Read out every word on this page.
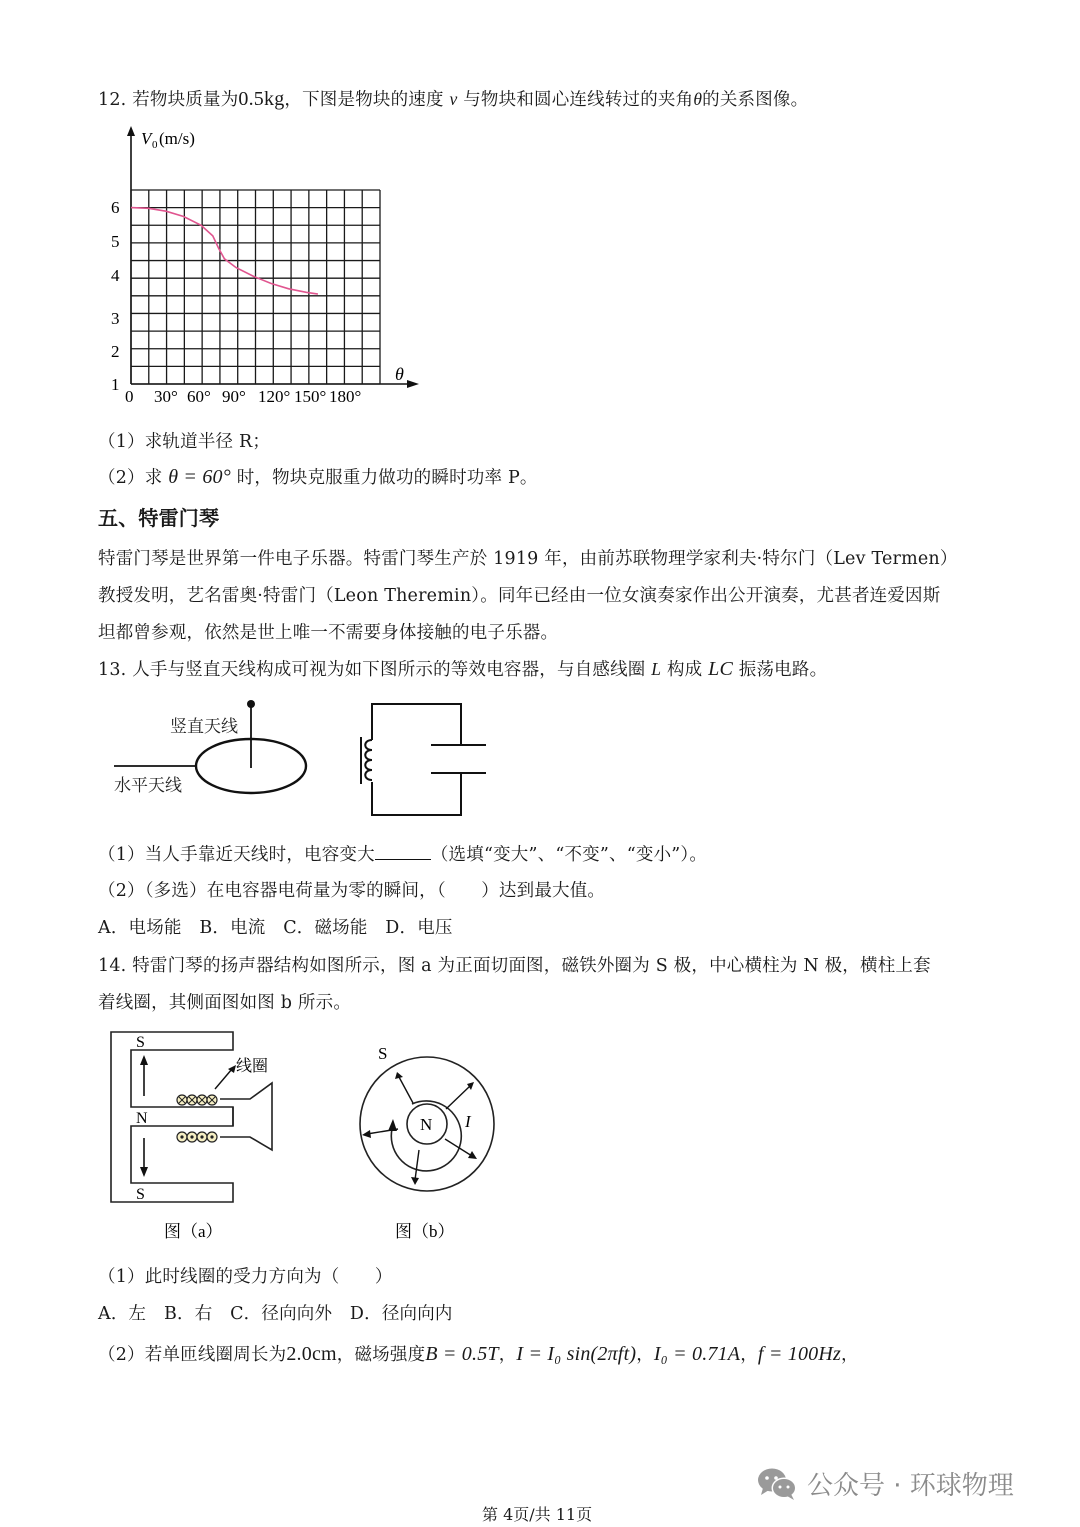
12. 若物块质量为0.5kg，下图是物块的速度 v 与物块和圆心连线转过的夹角θ的关系图像。
V 0 (m/s)
θ
1
2
3
4
5
6
0 30° 60° 90° 120° 150° 180°
（1）求轨道半径 R；
（2）求 θ = 60° 时，物块克服重力做功的瞬时功率 P。
五、特雷门琴
特雷门琴是世界第一件电子乐器。特雷门琴生产於 1919 年，由前苏联物理学家利夫·特尔门（Lev Termen）
教授发明，艺名雷奥·特雷门（Leon Theremin）。同年已经由一位女演奏家作出公开演奏，尤甚者连爱因斯
坦都曾参观，依然是世上唯一不需要身体接触的电子乐器。
13. 人手与竖直天线构成可视为如下图所示的等效电容器，与自感线圈 L 构成 LC 振荡电路。
竖直天线
水平天线
（1）当人手靠近天线时，电容变大	（选填“变大”、“不变”、“变小”）。
（2）（多选）在电容器电荷量为零的瞬间，（　　）达到最大值。
A．电场能　B．电流　C．磁场能　D．电压
14. 特雷门琴的扬声器结构如图所示，图 a 为正面切面图，磁铁外圈为 S 极，中心横柱为 N 极，横柱上套
着线圈，其侧面图如图 b 所示。
S
N
S
线圈
图（a）
S
N I
图（b）
（1）此时线圈的受力方向为（　　）
A．左　B．右　C．径向向外　D．径向向内
（2）若单匝线圈周长为2.0cm，磁场强度B = 0.5T，I = I₀ sin(2πft)，I₀ = 0.71A，f = 100Hz，
公众号 · 环球物理
第 4页/共 11页
